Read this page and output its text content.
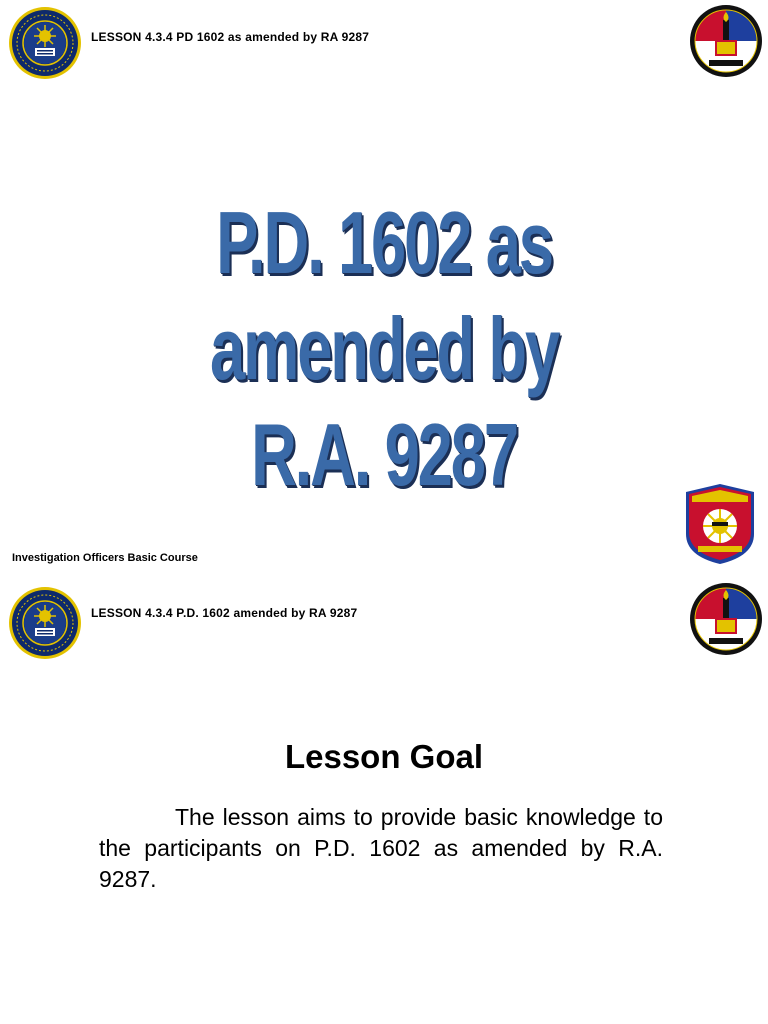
LESSON 4.3.4 PD 1602 as amended by RA 9287
P.D. 1602 as amended by
R.A. 9287
Investigation Officers Basic Course
LESSON 4.3.4 P.D. 1602 amended by RA 9287
Lesson Goal
The lesson aims to provide basic knowledge to the participants on P.D. 1602 as amended by R.A. 9287.
